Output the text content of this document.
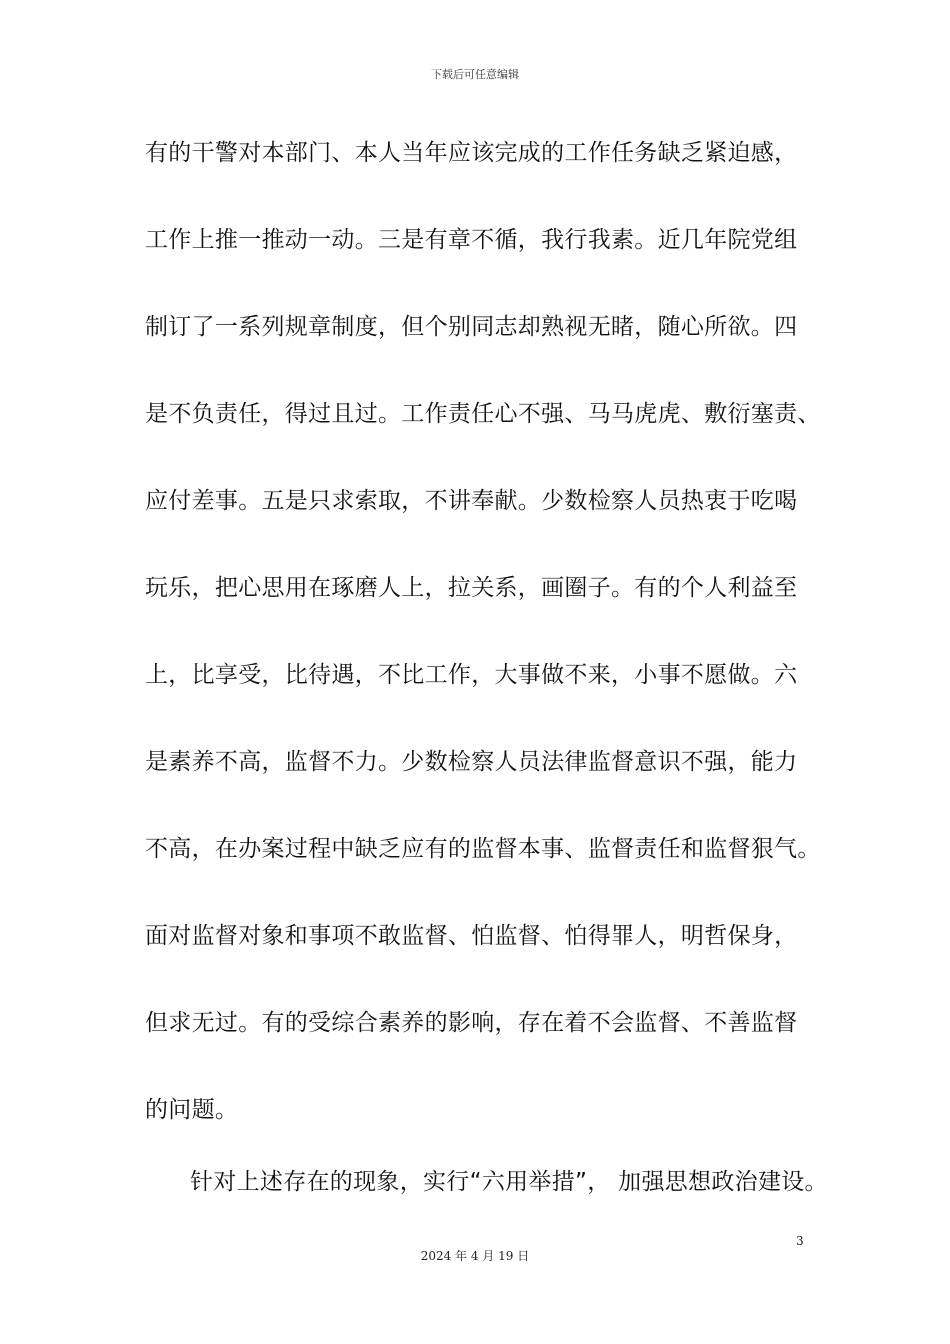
下载后可任意编辑
有的干警对本部门、本人当年应该完成的工作任务缺乏紧迫感，
工作上推一推动一动。三是有章不循，我行我素。近几年院党组
制订了一系列规章制度，但个别同志却熟视无睹，随心所欲。四
是不负责任，得过且过。工作责任心不强、马马虎虎、敷衍塞责、
应付差事。五是只求索取，不讲奉献。少数检察人员热衷于吃喝
玩乐，把心思用在琢磨人上，拉关系，画圈子。有的个人利益至
上，比享受，比待遇，不比工作，大事做不来，小事不愿做。六
是素养不高，监督不力。少数检察人员法律监督意识不强，能力
不高，在办案过程中缺乏应有的监督本事、监督责任和监督狠气。
面对监督对象和事项不敢监督、怕监督、怕得罪人，明哲保身，
但求无过。有的受综合素养的影响，存在着不会监督、不善监督
的问题。
针对上述存在的现象，实行“六用举措”， 加强思想政治建设。
3
2024 年 4 月 19 日
